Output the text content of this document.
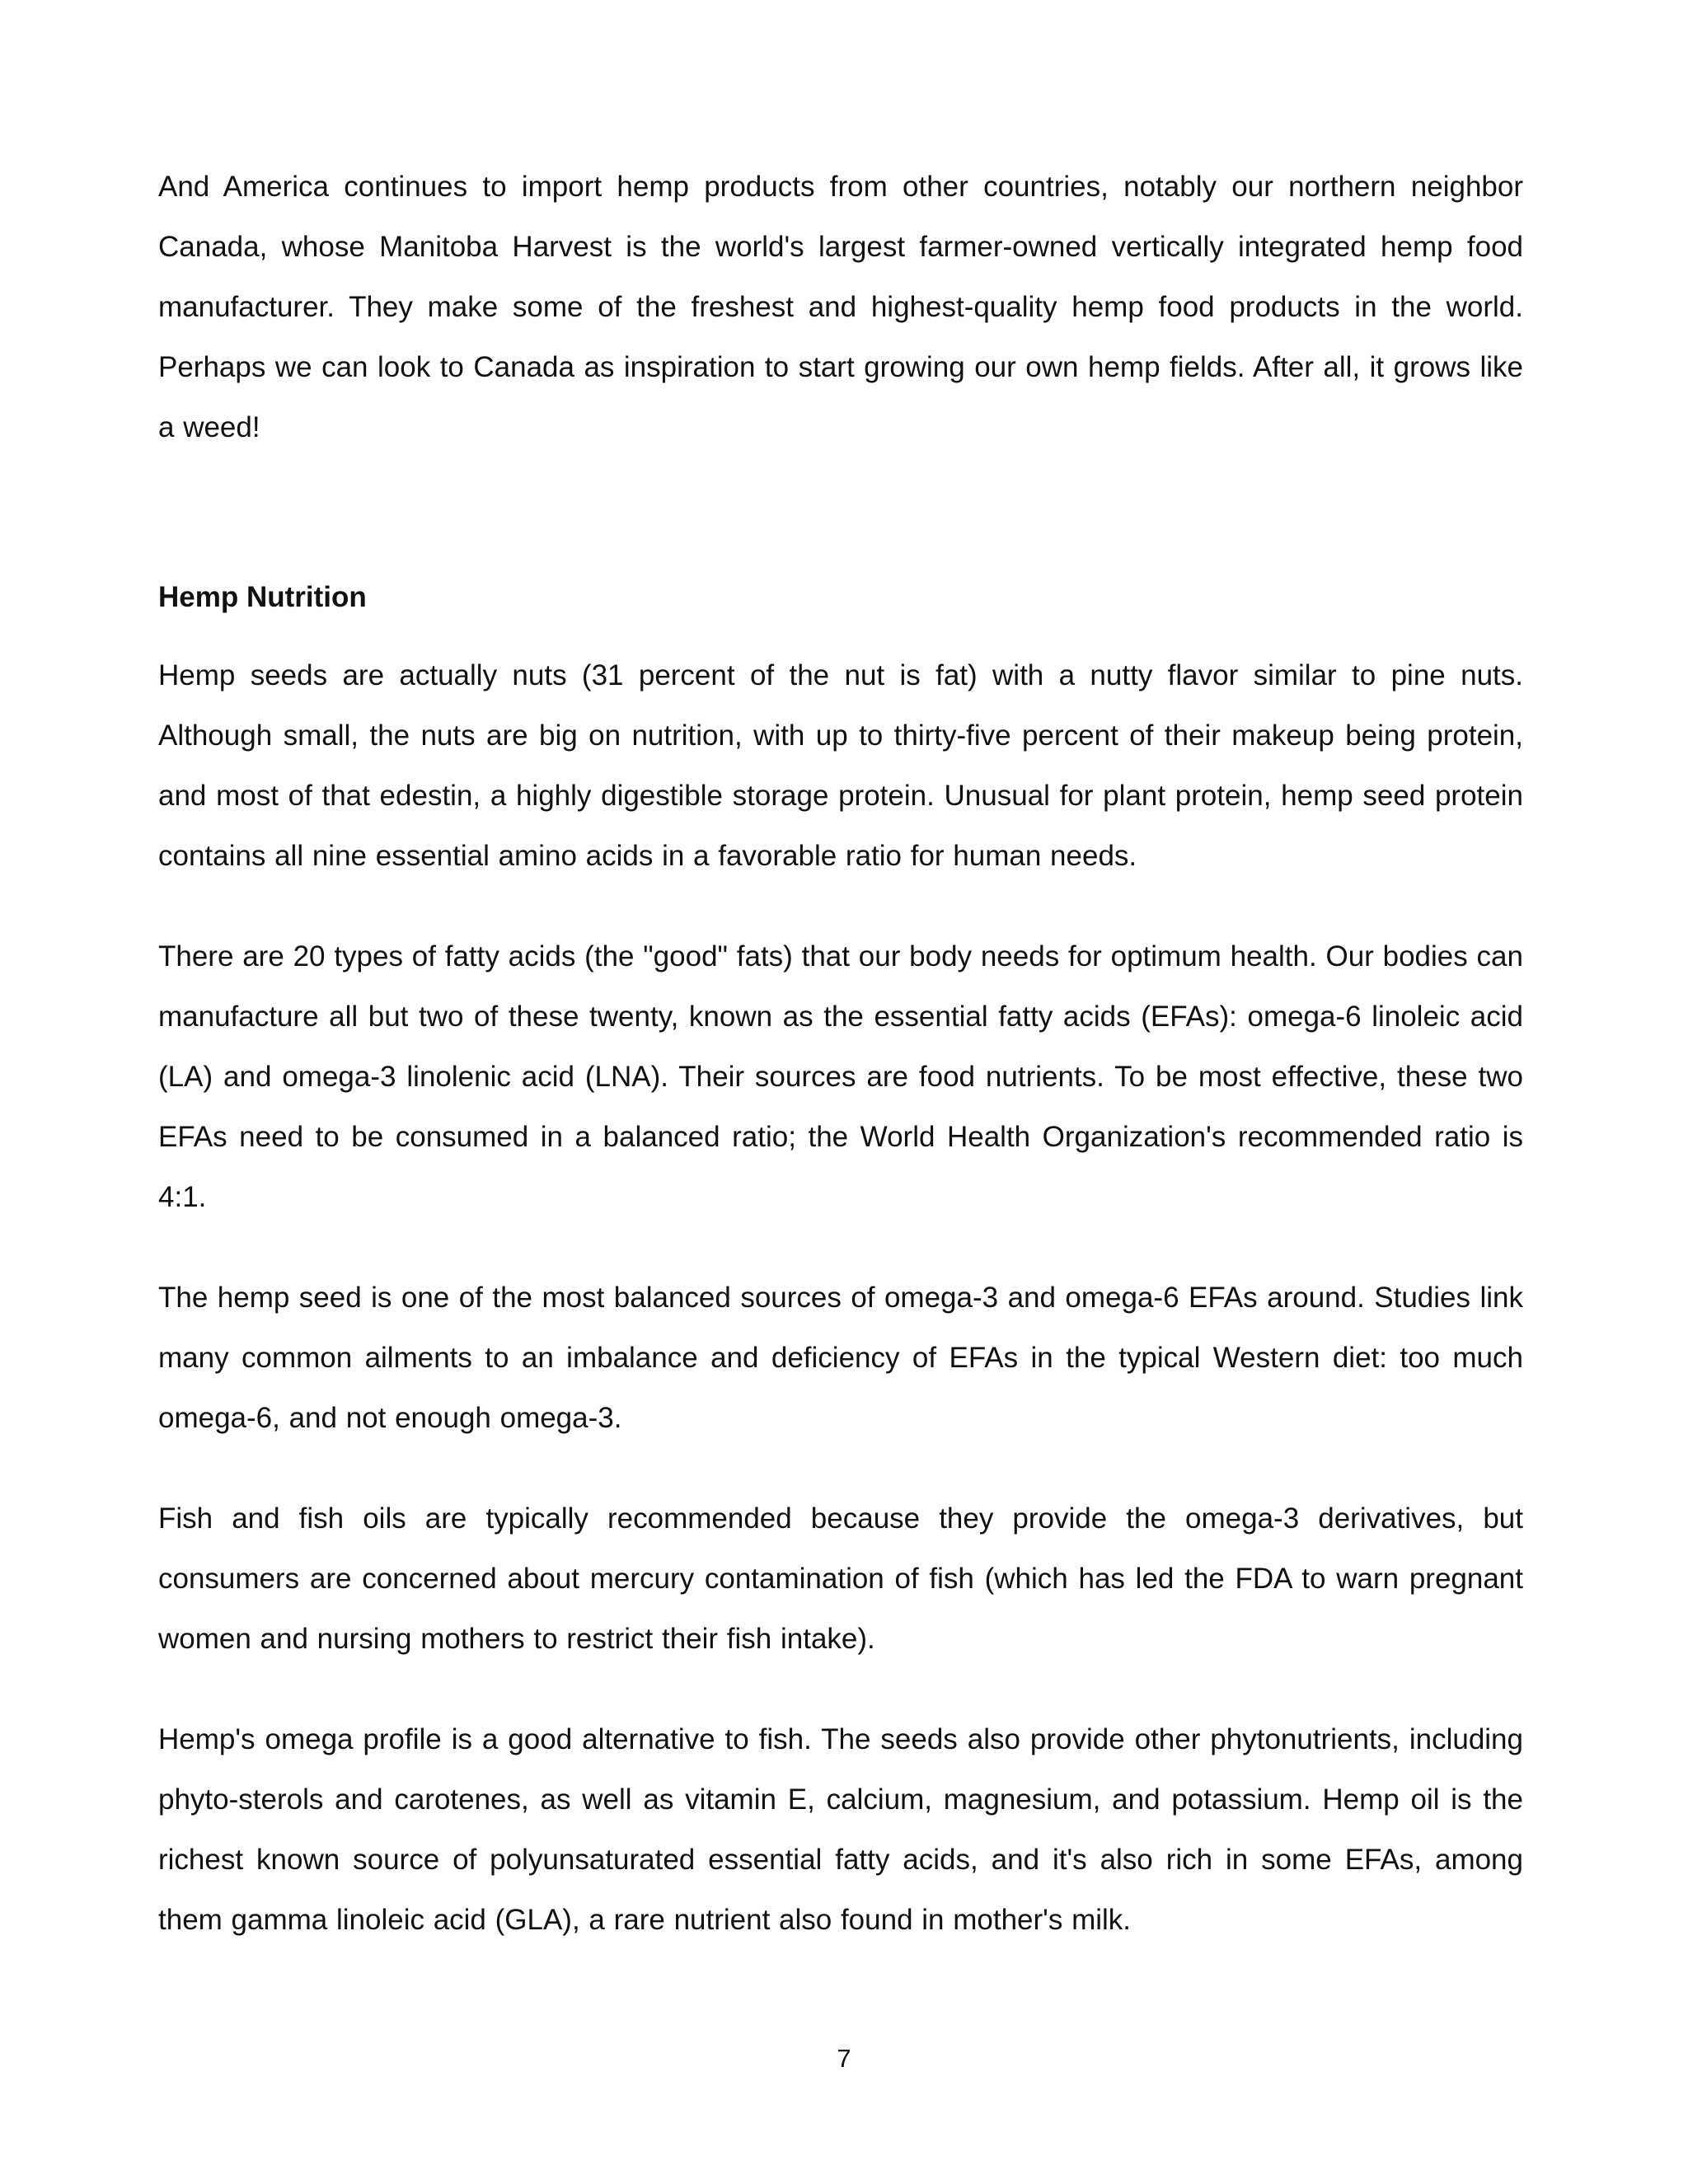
And America continues to import hemp products from other countries, notably our northern neighbor Canada, whose Manitoba Harvest is the world's largest farmer-owned vertically integrated hemp food manufacturer. They make some of the freshest and highest-quality hemp food products in the world. Perhaps we can look to Canada as inspiration to start growing our own hemp fields. After all, it grows like a weed!

Hemp Nutrition

Hemp seeds are actually nuts (31 percent of the nut is fat) with a nutty flavor similar to pine nuts. Although small, the nuts are big on nutrition, with up to thirty-five percent of their makeup being protein, and most of that edestin, a highly digestible storage protein. Unusual for plant protein, hemp seed protein contains all nine essential amino acids in a favorable ratio for human needs.

There are 20 types of fatty acids (the "good" fats) that our body needs for optimum health. Our bodies can manufacture all but two of these twenty, known as the essential fatty acids (EFAs): omega-6 linoleic acid (LA) and omega-3 linolenic acid (LNA). Their sources are food nutrients. To be most effective, these two EFAs need to be consumed in a balanced ratio; the World Health Organization's recommended ratio is 4:1.

The hemp seed is one of the most balanced sources of omega-3 and omega-6 EFAs around. Studies link many common ailments to an imbalance and deficiency of EFAs in the typical Western diet: too much omega-6, and not enough omega-3.

Fish and fish oils are typically recommended because they provide the omega-3 derivatives, but consumers are concerned about mercury contamination of fish (which has led the FDA to warn pregnant women and nursing mothers to restrict their fish intake).

Hemp's omega profile is a good alternative to fish. The seeds also provide other phytonutrients, including phyto-sterols and carotenes, as well as vitamin E, calcium, magnesium, and potassium. Hemp oil is the richest known source of polyunsaturated essential fatty acids, and it's also rich in some EFAs, among them gamma linoleic acid (GLA), a rare nutrient also found in mother's milk.

7
